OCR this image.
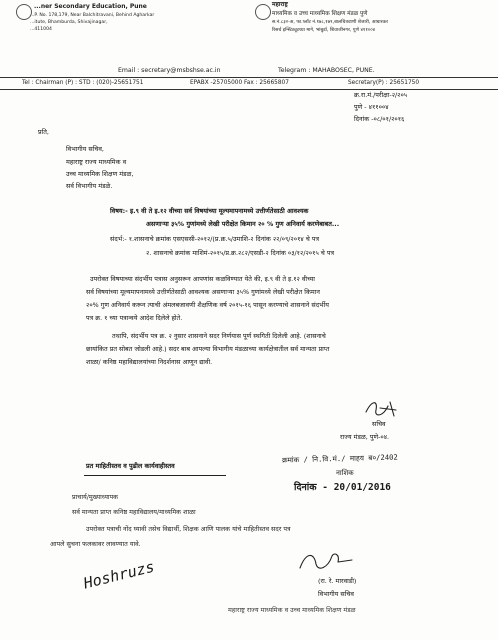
...ner Secondary Education, Pune
...P. No. 178,179, Near Balchitravani, Behind Agharkar
...itute, Bhamburda, Shivajinagar,
...411004
महाराष्ट्र
माध्यमिक व उच्च माध्यमिक शिक्षण मंडळ पुणे
स.नं.८३२-अ, फा.प्लॉट नं.१७८,१७९,बालचित्रवाणी शेजारी, आघारकर
रिसर्च इन्स्टिट्यूटच्या मागे, भांबुर्डा, शिवाजीनगर, पुणे ४११००४
Email : secretary@msbshse.ac.in	Telegram : MAHABOSEC, PUNE.
Tel : Chairman (P) : STD : (020)-25651751	EPABX -25705000 Fax : 25665807	Secretary(P) : 25651750
क्र.रा.मं./परीक्षा-२/२०५
पुणे - ४११००४
दिनांक -०८/०१/२०१६
प्रति,
विभागीय सचिव,
महाराष्ट्र राज्य माध्यमिक व
उच्च माध्यमिक शिक्षण मंडळ,
सर्व विभागीय मंडळे.
विषय:- इ.९ वी ते इ.१२ वीच्या सर्व विषयांच्या मूल्यमापनामध्ये उत्तीर्णतेसाठी आवश्यक
असणाऱ्या ३५% गुणांमध्ये लेखी परीक्षेत किमान २० % गुण अनिवार्य करणेबाबत...
संदर्भ:- १.शासनाचे क्रमांक एसएससी-२०१२/(प्र.क्र.५/उमाशि-२ दिनांक २२/०९/२०१४ चे पत्र
२. शासनाचे क्रमांक माशिमं-२०१५/प्र.क्र.२८२/एसडी-२ दिनांक ०३/१२/२०१५ चे पत्र
उपरोक्त विषयाच्या संदर्भीय पत्रास अनुसरून आपणांस कळविण्यात येते की, इ.९ वी ते इ.१२ वीच्या
सर्व विषयांच्या मूल्यमापनामध्ये उत्तीर्णतेसाठी आवश्यक असणाऱ्या ३५% गुणांमध्ये लेखी परीक्षेत किमान
२०% गुण अनिवार्य करून त्याची अंमलबजावणी शैक्षणिक वर्ष २०१५-१६ पासून करण्याचे शासनाने संदर्भीय
पत्र क्र. १ च्या पत्रान्वये आदेश दिलेले होते.
तथापि, संदर्भीय पत्र क्र. २ नुसार शासनाने सदर निर्णयास पूर्ण स्थगिती दिलेली आहे. (शासनाचे
छायांकित प्रत सोबत जोडली आहे.) सदर बाब आपल्या विभागीय मंडळाच्या कार्यक्षेत्रातील सर्व मान्यता प्राप्त
शाळा/ कनिष्ठ महाविद्यालयांच्या निदर्शनास आणून द्यावी.
सचिव
राज्य मंडळ, पुणे-०४.
प्रत माहितीस्तव व पुढील कार्यवाहीस्तव
प्राचार्य/मुख्याध्यापक
सर्व मान्यता प्राप्त कनिष्ठ महाविद्यालय/माध्यमिक शाळा
उपरोक्त पत्राची नोंद घ्यावी तसेच विद्यार्थी, शिक्षक आणि पालक यांचे माहितीस्तव सदर पत्र
आपले सुचना फलकावर लावण्यात यावे.
क्रमांक / नि.वि.मं./ माहय ब०/2402
नाशिक
दिनांक - 20/01/2016
(रा. रे. मारवाडी)
विभागीय सचिव
महाराष्ट्र राज्य माध्यमिक व उच्च माध्यमिक शिक्षण मंडळ
Hoshruzs
